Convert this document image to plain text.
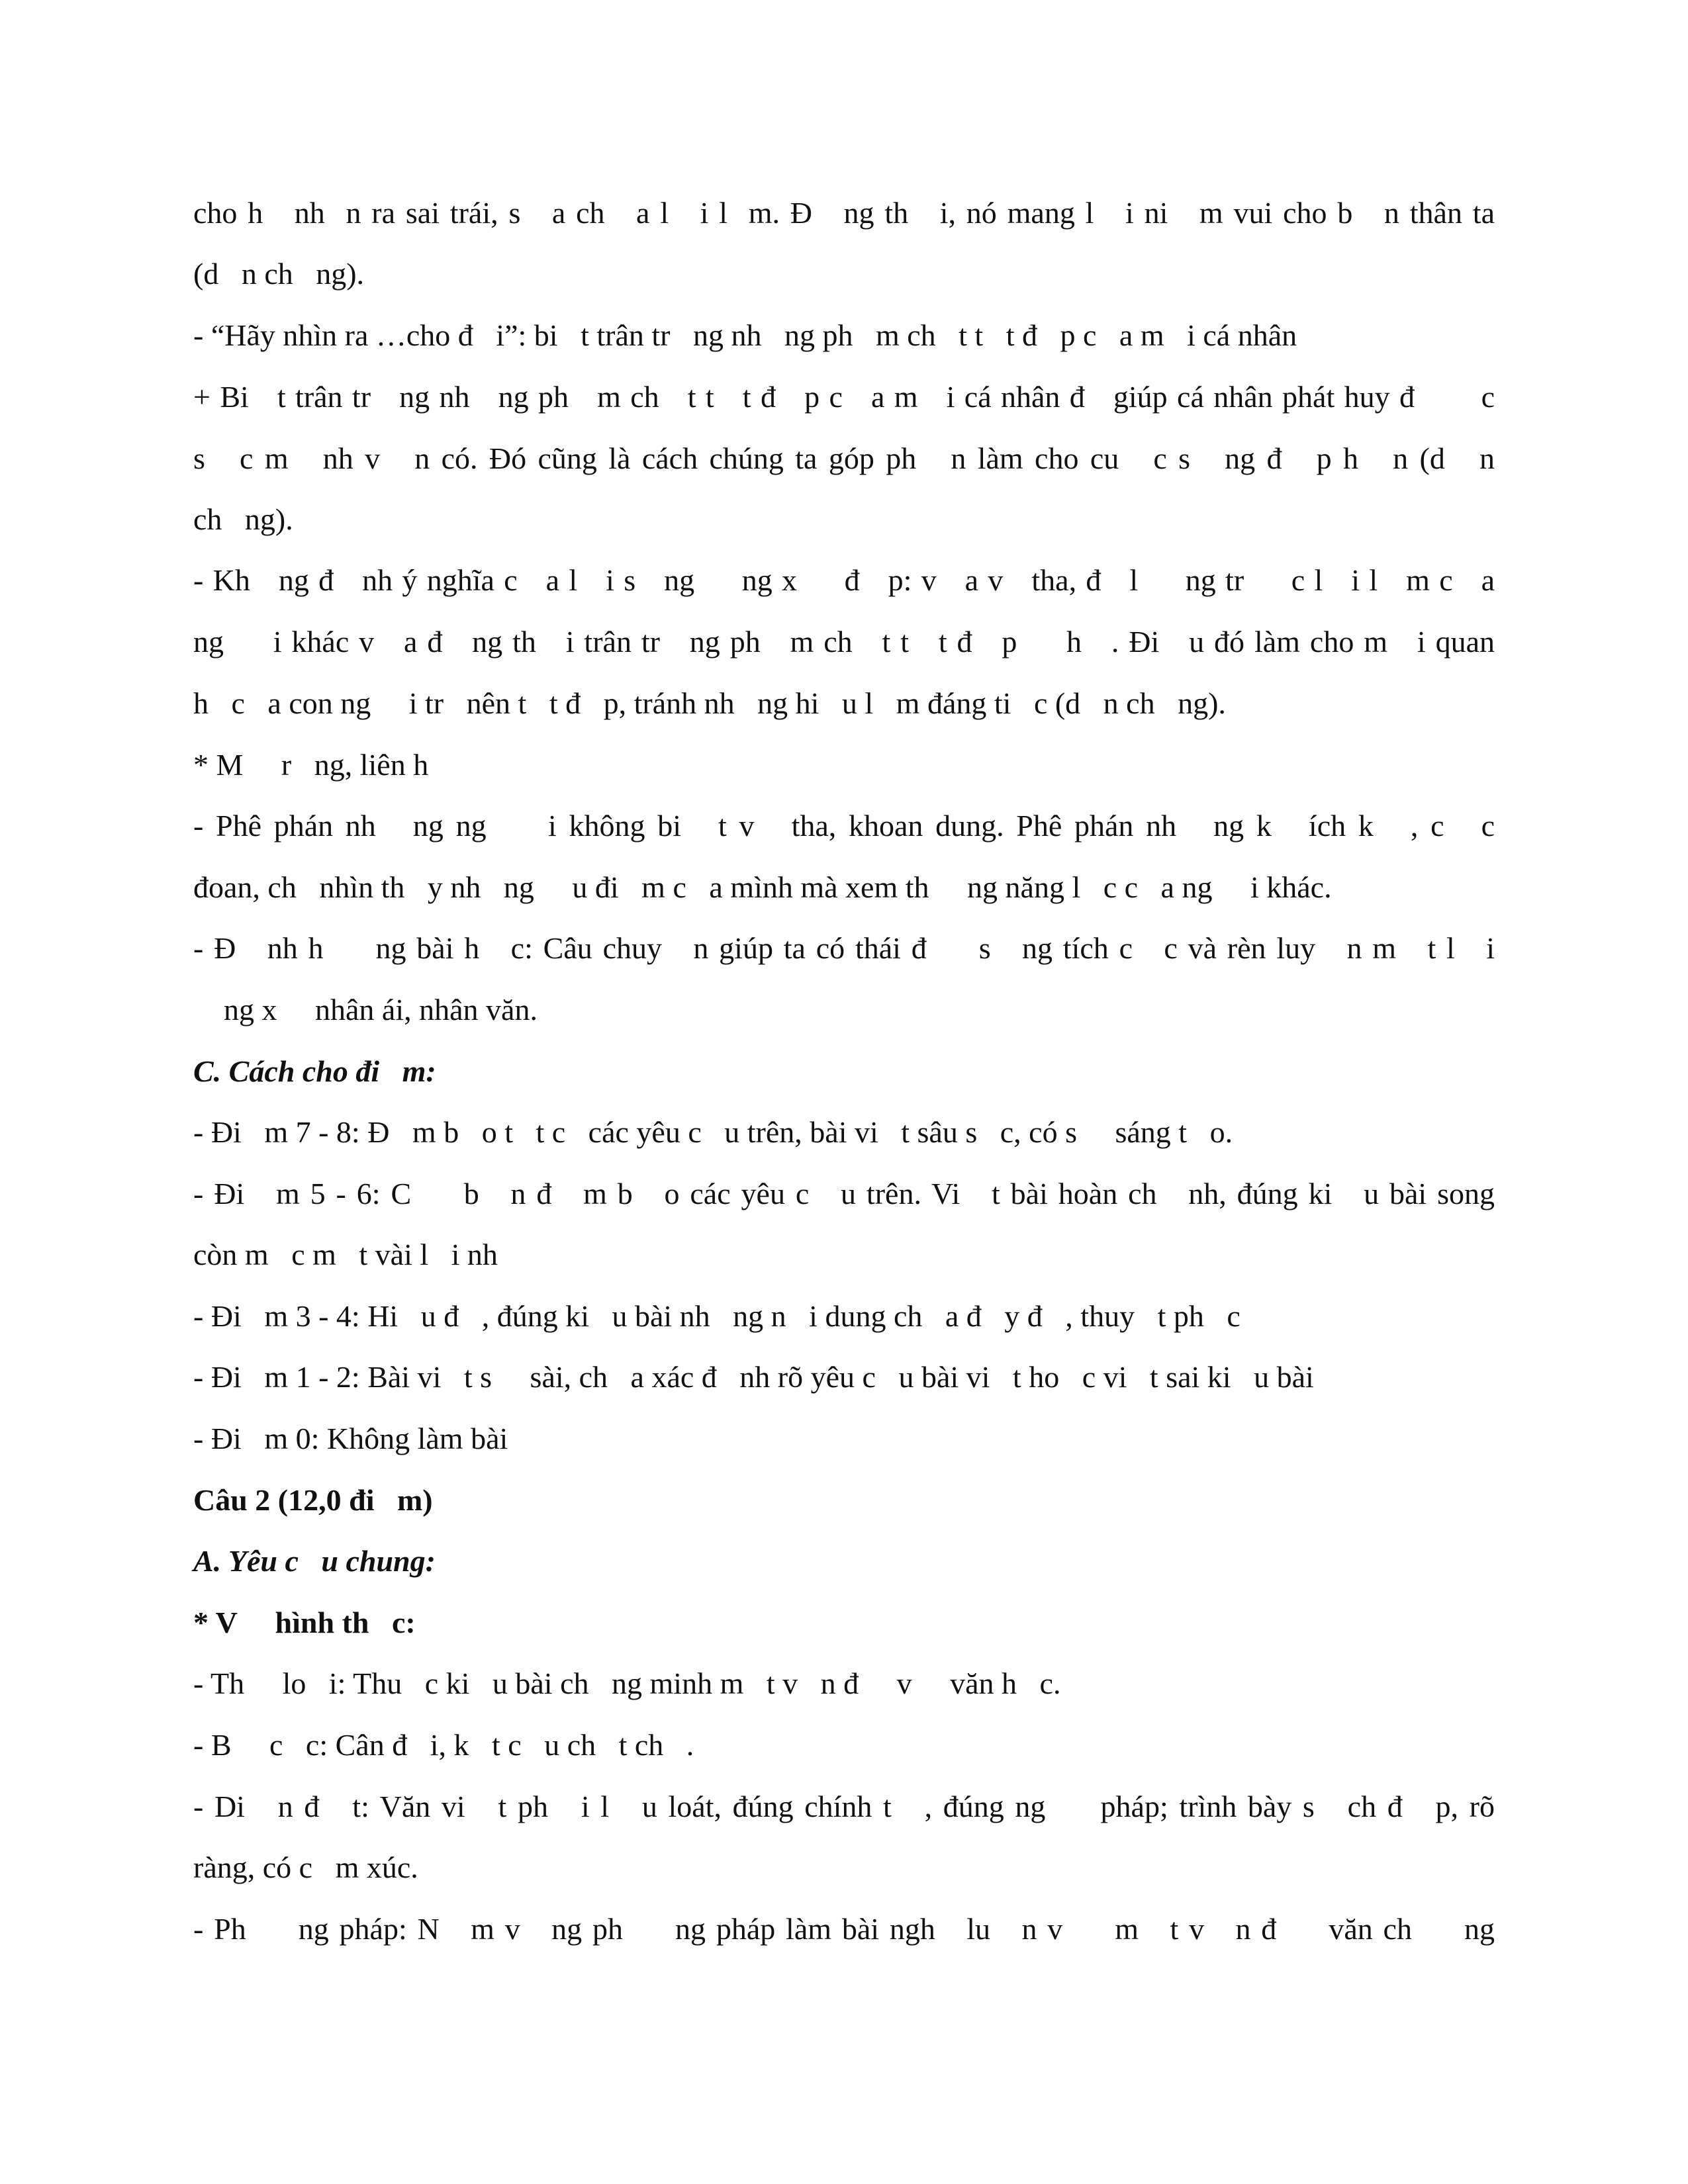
cho h   nh  n ra sai trái, s   a ch   a l   i l  m. Đ   ng th   i, nó mang l   i ni   m vui cho b   n thân ta

(d   n ch   ng).

- “Hãy nhìn ra …cho đ   i”: bi   t trân tr   ng nh   ng ph   m ch   t t   t đ   p c   a m   i cá nhân

+ Bi   t trân tr   ng nh   ng ph   m ch   t t   t đ   p c   a m   i cá nhân đ   giúp cá nhân phát huy đ       c

s   c m   nh v   n có. Đó cũng là cách chúng ta góp ph   n làm cho cu   c s   ng đ   p h   n (d   n

ch   ng).

- Kh   ng đ   nh ý nghĩa c   a l   i s   ng     ng x     đ   p: v   a v   tha, đ   l     ng tr     c l   i l   m c   a

ng     i khác v   a đ   ng th   i trân tr   ng ph   m ch   t t   t đ   p     h   . Đi   u đó làm cho m   i quan

h   c   a con ng     i tr   nên t   t đ   p, tránh nh   ng hi   u l   m đáng ti   c (d   n ch   ng).

* M     r   ng, liên h

- Phê phán nh   ng ng     i không bi   t v   tha, khoan dung. Phê phán nh   ng k   ích k   , c   c

đoan, ch   nhìn th   y nh   ng     u đi   m c   a mình mà xem th     ng năng l   c c   a ng     i khác.

- Đ   nh h     ng bài h   c: Câu chuy   n giúp ta có thái đ     s   ng tích c   c và rèn luy   n m   t l   i

ng x     nhân ái, nhân văn.

C. Cách cho đi   m:

- Đi   m 7 - 8: Đ   m b   o t   t c   các yêu c   u trên, bài vi   t sâu s   c, có s     sáng t   o.

- Đi   m 5 - 6: C     b   n đ   m b   o các yêu c   u trên. Vi   t bài hoàn ch   nh, đúng ki   u bài song

còn m   c m   t vài l   i nh

- Đi   m 3 - 4: Hi   u đ   , đúng ki   u bài nh   ng n   i dung ch   a đ   y đ   , thuy   t ph   c

- Đi   m 1 - 2: Bài vi   t s     sài, ch   a xác đ   nh rõ yêu c   u bài vi   t ho   c vi   t sai ki   u bài

- Đi   m 0: Không làm bài

Câu 2 (12,0 đi   m)

A. Yêu c   u chung:

* V     hình th   c:

- Th     lo   i: Thu   c ki   u bài ch   ng minh m   t v   n đ     v     văn h   c.

- B     c   c: Cân đ   i, k   t c   u ch   t ch   .

- Di   n đ   t: Văn vi   t ph   i l   u loát, đúng chính t   , đúng ng     pháp; trình bày s   ch đ   p, rõ

ràng, có c   m xúc.

- Ph     ng pháp: N   m v   ng ph     ng pháp làm bài ngh   lu   n v     m   t v   n đ     văn ch     ng
